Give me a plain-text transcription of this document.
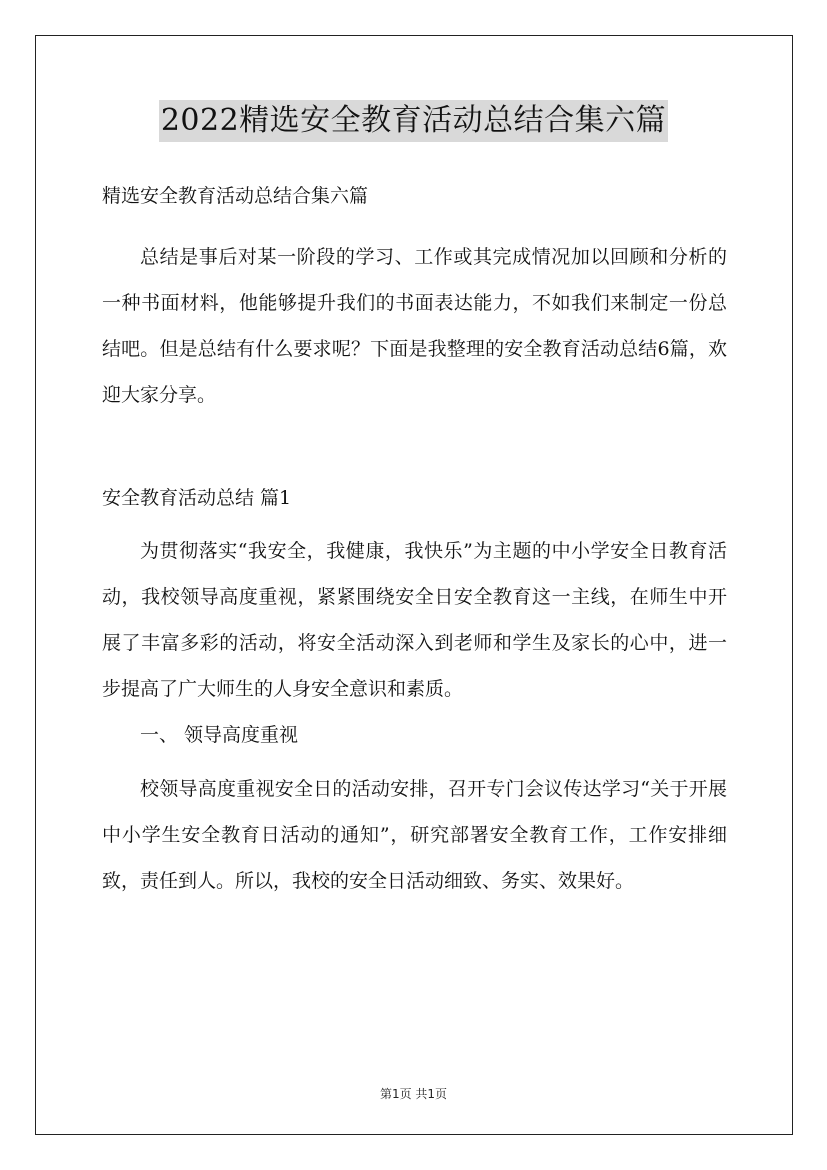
2022精选安全教育活动总结合集六篇

精选安全教育活动总结合集六篇

总结是事后对某一阶段的学习、工作或其完成情况加以回顾和分析的一种书面材料，他能够提升我们的书面表达能力，不如我们来制定一份总结吧。但是总结有什么要求呢？下面是我整理的安全教育活动总结6篇，欢迎大家分享。

安全教育活动总结 篇1

为贯彻落实“我安全，我健康，我快乐”为主题的中小学安全日教育活动，我校领导高度重视，紧紧围绕安全日安全教育这一主线，在师生中开展了丰富多彩的活动，将安全活动深入到老师和学生及家长的心中，进一步提高了广大师生的人身安全意识和素质。

一、 领导高度重视

校领导高度重视安全日的活动安排，召开专门会议传达学习“关于开展中小学生安全教育日活动的通知”，研究部署安全教育工作，工作安排细致，责任到人。所以，我校的安全日活动细致、务实、效果好。

第1页 共1页
